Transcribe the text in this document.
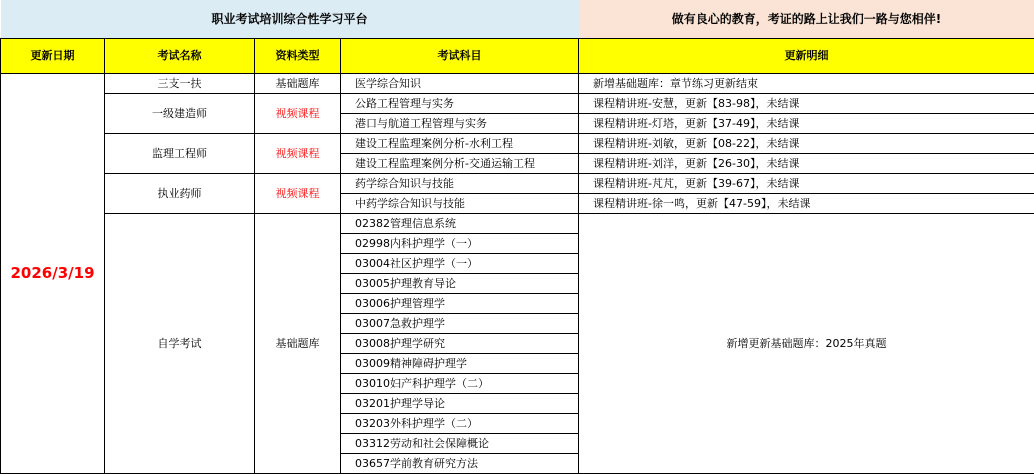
职业考试培训综合性学习平台				做有良心的教育，考证的路上让我们一路与您相伴!
更新日期	考试名称	资料类型	考试科目	更新明细
2026/3/19	三支一扶	基础题库	医学综合知识	新增基础题库：章节练习更新结束
	一级建造师	视频课程	公路工程管理与实务	课程精讲班-安慧，更新【83-98】，未结课
			港口与航道工程管理与实务	课程精讲班-灯塔，更新【37-49】，未结课
	监理工程师	视频课程	建设工程监理案例分析-水利工程	课程精讲班-刘敏，更新【08-22】，未结课
			建设工程监理案例分析-交通运输工程	课程精讲班-刘洋，更新【26-30】，未结课
	执业药师	视频课程	药学综合知识与技能	课程精讲班-芃芃，更新【39-67】，未结课
			中药学综合知识与技能	课程精讲班-徐一鸣，更新【47-59】，未结课
	自学考试	基础题库	02382管理信息系统	新增更新基础题库：2025年真题
			02998内科护理学（一）	
			03004社区护理学（一）	
			03005护理教育导论	
			03006护理管理学	
			03007急救护理学	
			03008护理学研究	
			03009精神障碍护理学	
			03010妇产科护理学（二）	
			03201护理学导论	
			03203外科护理学（二）	
			03312劳动和社会保障概论	
			03657学前教育研究方法	
